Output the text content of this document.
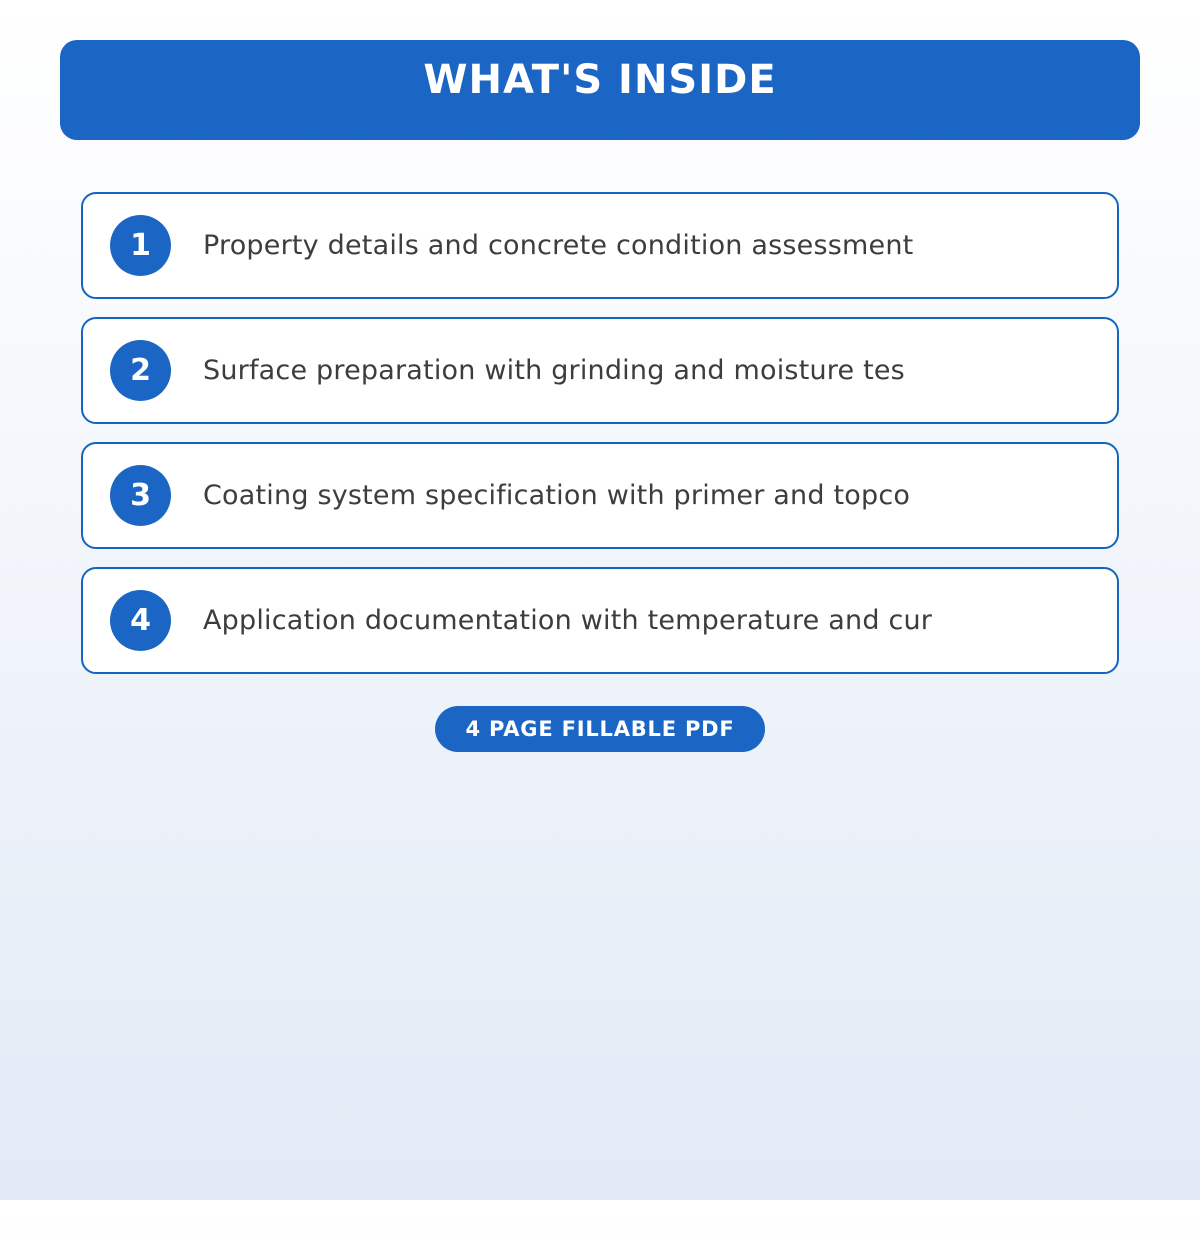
WHAT'S INSIDE
1	Property details and concrete condition assessment
2	Surface preparation with grinding and moisture tes
3	Coating system specification with primer and topco
4	Application documentation with temperature and cur
4 PAGE FILLABLE PDF
